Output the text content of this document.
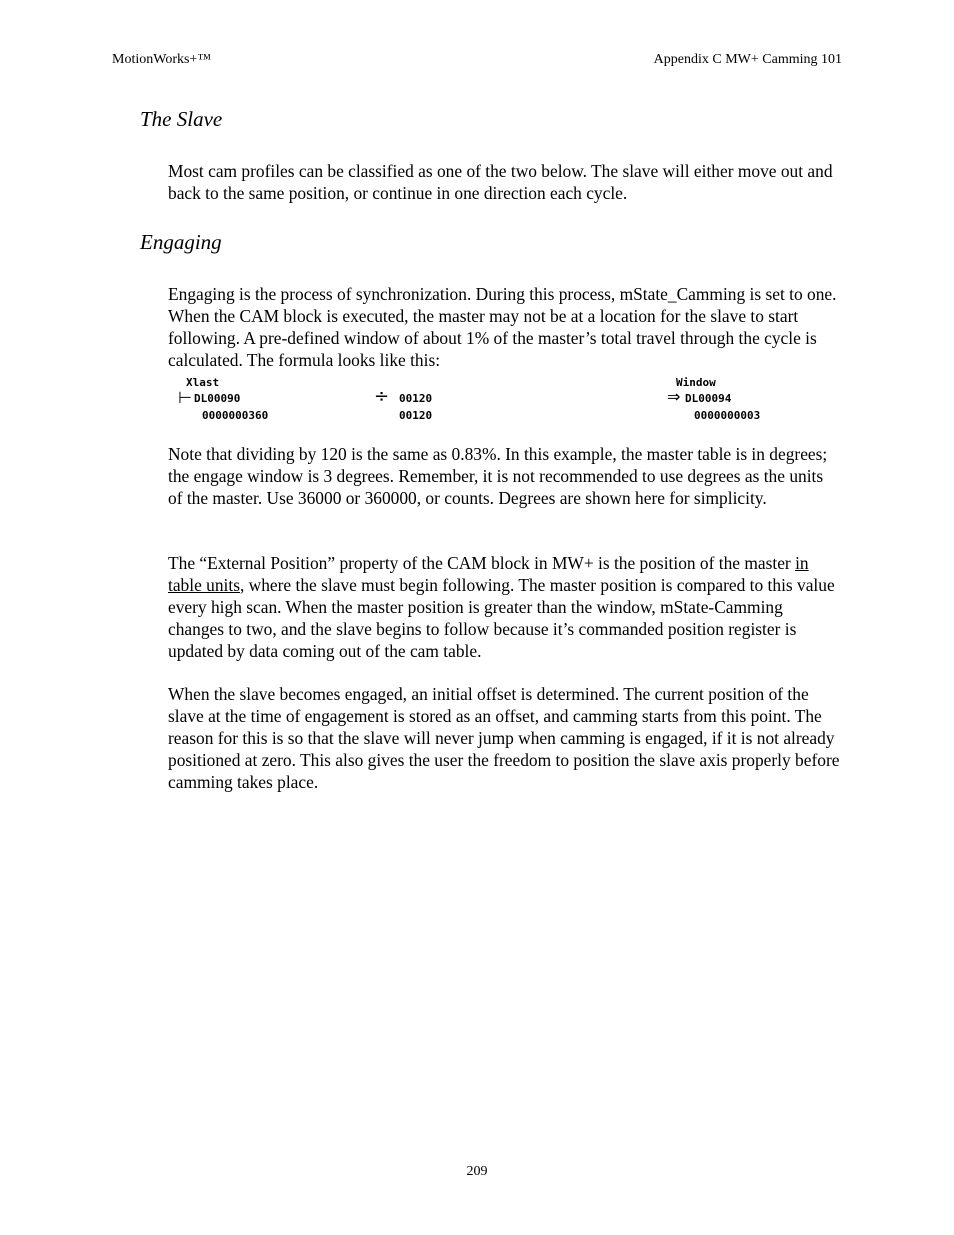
MotionWorks+™	Appendix C MW+ Camming 101
The Slave

Most cam profiles can be classified as one of the two below. The slave will either move out and back to the same position, or continue in one direction each cycle.

Engaging

Engaging is the process of synchronization. During this process, mState_Camming is set to one. When the CAM block is executed, the master may not be at a location for the slave to start following. A pre-defined window of about 1% of the master’s total travel through the cycle is calculated. The formula looks like this:

Xlast
⊢ DL00090
0000000360
÷ 00120
00120
Window
⇒ DL00094
0000000003

Note that dividing by 120 is the same as 0.83%. In this example, the master table is in degrees; the engage window is 3 degrees. Remember, it is not recommended to use degrees as the units of the master. Use 36000 or 360000, or counts. Degrees are shown here for simplicity.

The “External Position” property of the CAM block in MW+ is the position of the master in table units, where the slave must begin following. The master position is compared to this value every high scan. When the master position is greater than the window, mState-Camming changes to two, and the slave begins to follow because it’s commanded position register is updated by data coming out of the cam table.

When the slave becomes engaged, an initial offset is determined. The current position of the slave at the time of engagement is stored as an offset, and camming starts from this point. The reason for this is so that the slave will never jump when camming is engaged, if it is not already positioned at zero. This also gives the user the freedom to position the slave axis properly before camming takes place.

209
